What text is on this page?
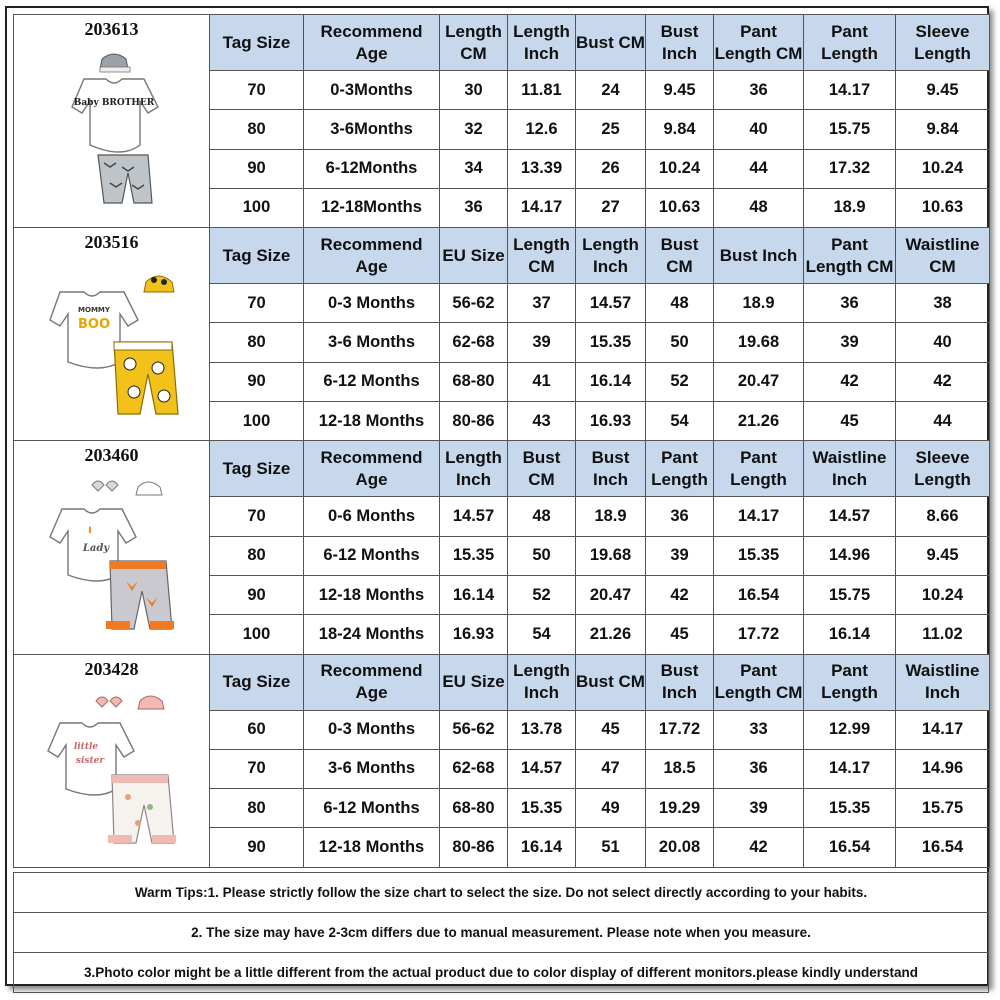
203613
Baby BROTHER	Tag Size	Recommend Age	Length CM	Length Inch	Bust CM	Bust Inch	Pant Length CM	Pant Length	Sleeve Length
	70	0-3Months	30	11.81	24	9.45	36	14.17	9.45
	80	3-6Months	32	12.6	25	9.84	40	15.75	9.84
	90	6-12Months	34	13.39	26	10.24	44	17.32	10.24
	100	12-18Months	36	14.17	27	10.63	48	18.9	10.63

203516
MOMMY
BOO	Tag Size	Recommend Age	EU Size	Length CM	Length Inch	Bust CM	Bust Inch	Pant Length CM	Waistline CM
	70	0-3 Months	56-62	37	14.57	48	18.9	36	38
	80	3-6 Months	62-68	39	15.35	50	19.68	39	40
	90	6-12 Months	68-80	41	16.14	52	20.47	42	42
	100	12-18 Months	80-86	43	16.93	54	21.26	45	44

203460
I
Lady	Tag Size	Recommend Age	Length Inch	Bust CM	Bust Inch	Pant Length	Pant Length	Waistline Inch	Sleeve Length
	70	0-6 Months	14.57	48	18.9	36	14.17	14.57	8.66
	80	6-12 Months	15.35	50	19.68	39	15.35	14.96	9.45
	90	12-18 Months	16.14	52	20.47	42	16.54	15.75	10.24
	100	18-24 Months	16.93	54	21.26	45	17.72	16.14	11.02

203428
little
sister	Tag Size	Recommend Age	EU Size	Length Inch	Bust CM	Bust Inch	Pant Length CM	Pant Length	Waistline Inch
	60	0-3 Months	56-62	13.78	45	17.72	33	12.99	14.17
	70	3-6 Months	62-68	14.57	47	18.5	36	14.17	14.96
	80	6-12 Months	68-80	15.35	49	19.29	39	15.35	15.75
	90	12-18 Months	80-86	16.14	51	20.08	42	16.54	16.54
Warm Tips:1. Please strictly follow the size chart to select the size. Do not select directly according to your habits.
2. The size may have 2-3cm differs due to manual measurement. Please note when you measure.
3.Photo color might be a little different from the actual product due to color display of different monitors.please kindly understand
